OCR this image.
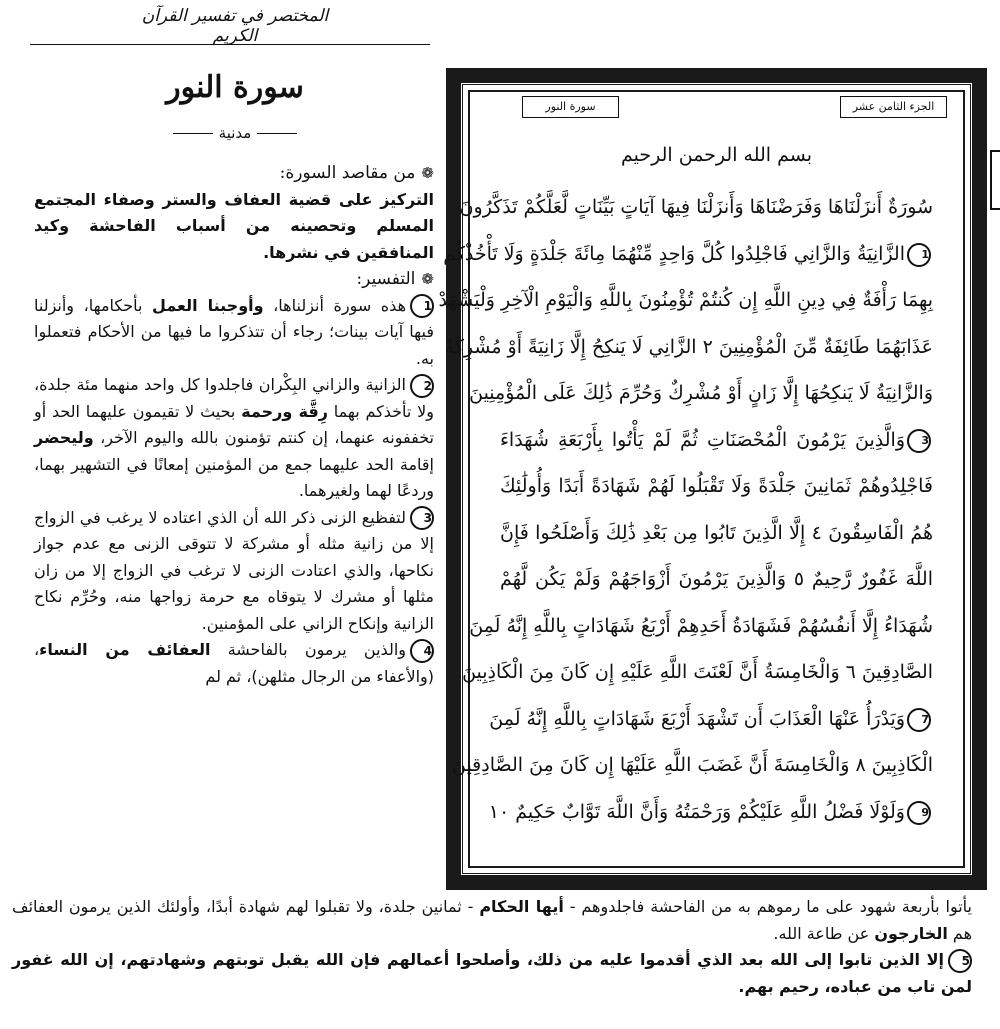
المختصر في تفسير القرآن الكريم
سورة النور
مدنية

❁من مقاصد السورة:

التركيز على قضية العفاف والستر وصفاء المجتمع المسلم وتحصينه من أسباب الفاحشة وكيد المنافقين في نشرها.

❁التفسير:

1هذه سورة أنزلناها، وأوجبنا العمل بأحكامها، وأنزلنا فيها آيات بينات؛ رجاء أن تتذكروا ما فيها من الأحكام فتعملوا به.

2الزانية والزاني البِكْران فاجلدوا كل واحد منهما مئة جلدة، ولا تأخذكم بهما رِقَّة ورحمة بحيث لا تقيمون عليهما الحد أو تخففونه عنهما، إن كنتم تؤمنون بالله واليوم الآخر، وليحضر إقامة الحد عليهما جمع من المؤمنين إمعانًا في التشهير بهما، وردعًا لهما ولغيرهما.

3لتفظيع الزنى ذكر الله أن الذي اعتاده لا يرغب في الزواج إلا من زانية مثله أو مشركة لا تتوقى الزنى مع عدم جواز نكاحها، والذي اعتادت الزنى لا ترغب في الزواج إلا من زان مثلها أو مشرك لا يتوقاه مع حرمة زواجها منه، وحُرِّم نكاح الزانية وإنكاح الزاني على المؤمنين.

4والذين يرمون بالفاحشة العفائف من النساء، (والأعفاء من الرجال مثلهن)، ثم لم

الجزء الثامن عشر
سورة النور
بسم الله الرحمن الرحيم
سُورَةٌ أَنزَلْنَاهَا وَفَرَضْنَاهَا وَأَنزَلْنَا فِيهَا آيَاتٍ بَيِّنَاتٍ لَّعَلَّكُمْ تَذَكَّرُونَ
1الزَّانِيَةُ وَالزَّانِي فَاجْلِدُوا كُلَّ وَاحِدٍ مِّنْهُمَا مِائَةَ جَلْدَةٍ وَلَا تَأْخُذْكُم
بِهِمَا رَأْفَةٌ فِي دِينِ اللَّهِ إِن كُنتُمْ تُؤْمِنُونَ بِاللَّهِ وَالْيَوْمِ الْآخِرِ وَلْيَشْهَدْ
عَذَابَهُمَا طَائِفَةٌ مِّنَ الْمُؤْمِنِينَ ٢ الزَّانِي لَا يَنكِحُ إِلَّا زَانِيَةً أَوْ مُشْرِكَةً
وَالزَّانِيَةُ لَا يَنكِحُهَا إِلَّا زَانٍ أَوْ مُشْرِكٌ وَحُرِّمَ ذَٰلِكَ عَلَى الْمُؤْمِنِينَ
3وَالَّذِينَ يَرْمُونَ الْمُحْصَنَاتِ ثُمَّ لَمْ يَأْتُوا بِأَرْبَعَةِ شُهَدَاءَ
فَاجْلِدُوهُمْ ثَمَانِينَ جَلْدَةً وَلَا تَقْبَلُوا لَهُمْ شَهَادَةً أَبَدًا وَأُولَٰئِكَ
هُمُ الْفَاسِقُونَ ٤ إِلَّا الَّذِينَ تَابُوا مِن بَعْدِ ذَٰلِكَ وَأَصْلَحُوا فَإِنَّ
اللَّهَ غَفُورٌ رَّحِيمٌ ٥ وَالَّذِينَ يَرْمُونَ أَزْوَاجَهُمْ وَلَمْ يَكُن لَّهُمْ
شُهَدَاءُ إِلَّا أَنفُسُهُمْ فَشَهَادَةُ أَحَدِهِمْ أَرْبَعُ شَهَادَاتٍ بِاللَّهِ إِنَّهُ لَمِنَ
الصَّادِقِينَ ٦ وَالْخَامِسَةُ أَنَّ لَعْنَتَ اللَّهِ عَلَيْهِ إِن كَانَ مِنَ الْكَاذِبِينَ
7وَيَدْرَأُ عَنْهَا الْعَذَابَ أَن تَشْهَدَ أَرْبَعَ شَهَادَاتٍ بِاللَّهِ إِنَّهُ لَمِنَ
الْكَاذِبِينَ ٨ وَالْخَامِسَةَ أَنَّ غَضَبَ اللَّهِ عَلَيْهَا إِن كَانَ مِنَ الصَّادِقِينَ
9وَلَوْلَا فَضْلُ اللَّهِ عَلَيْكُمْ وَرَحْمَتُهُ وَأَنَّ اللَّهَ تَوَّابٌ حَكِيمٌ ١٠

يأتوا بأربعة شهود على ما رموهم به من الفاحشة فاجلدوهم - أيها الحكام - ثمانين جلدة، ولا تقبلوا لهم شهادة أبدًا، وأولئك الذين يرمون العفائف هم الخارجون عن طاعة الله.

5إلا الذين تابوا إلى الله بعد الذي أقدموا عليه من ذلك، وأصلحوا أعمالهم فإن الله يقبل توبتهم وشهادتهم، إن الله غفور لمن تاب من عباده، رحيم بهم.
